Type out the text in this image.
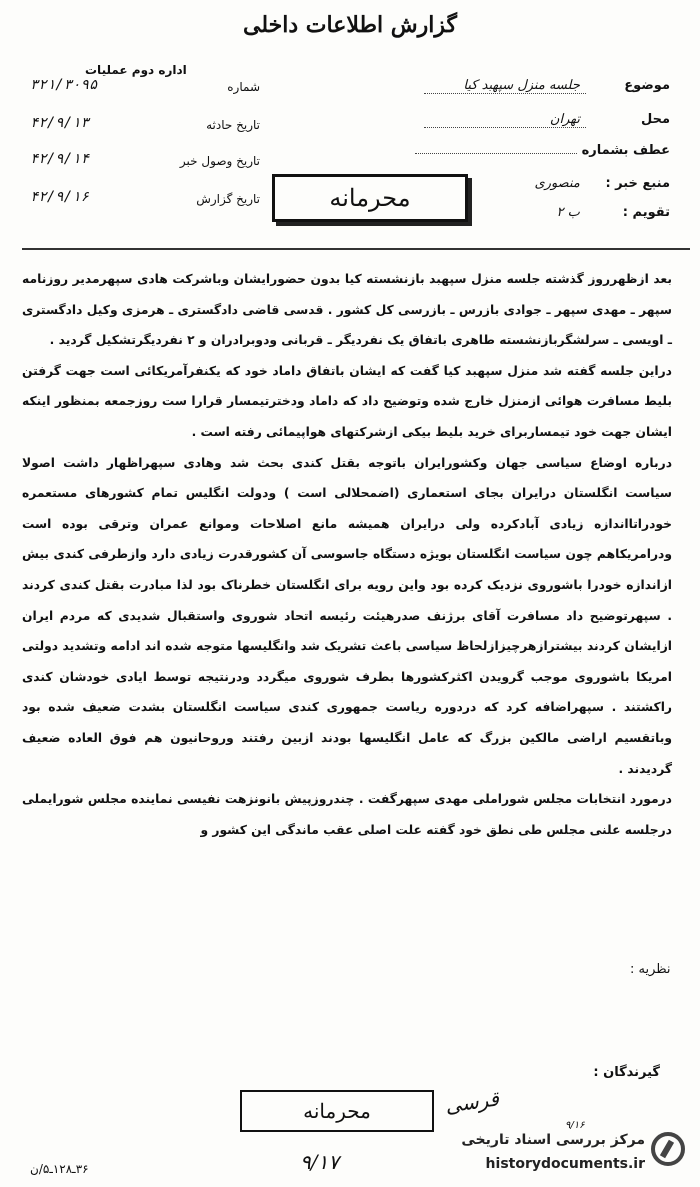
گزارش اطلاعات داخلی
اداره دوم عملیات
موضوع جلسه منزل سپهبد کیا
محل تهران
عطف بشماره
منبع خبر : منصوری
تقویم : ب ۲
شماره
۳۲۱/۳۰۹۵
تاریخ حادثه
۴۲/۹/۱۳
تاریخ وصول خبر
۴۲/۹/۱۴
تاریخ گزارش
۴۲/۹/۱۶	محرمانه

بعد ازظهرروز گذشته جلسه منزل سپهبد بازنشسته کیا بدون حضورایشان وباشرکت هادی سپهرمدیر روزنامه سپهر ـ مهدی سپهر ـ جوادی بازرس ـ بازرسی کل کشور . قدسی قاضی دادگستری ـ هرمزی وکیل دادگستری ـ اویسی ـ سرلشگربازنشسته طاهری باتفاق یک نفردیگر ـ قربانی ودوبرادران و ۲ نفردیگرتشکیل گردید .

دراین جلسه گفته شد منزل سپهبد کیا گفت که ایشان باتفاق داماد خود که یکنفرآمریکائی است جهت گرفتن بلیط مسافرت هوائی ازمنزل خارج شده وتوضیح داد که داماد ودخترتیمسار قرارا ست روزجمعه بمنظور اینکه ایشان جهت خود تیمساربرای خرید بلیط بیکی ازشرکتهای هواپیمائی رفته است .

درباره اوضاع سیاسی جهان وکشورایران باتوجه بقتل کندی بحث شد وهادی سپهراظهار داشت اصولا سیاست انگلستان درایران بجای استعماری (اضمحلالی است ) ودولت انگلیس تمام کشورهای مستعمره خودراتااندازه زیادی آبادکرده ولی درایران همیشه مانع اصلاحات وموانع عمران وترقی بوده است ودرامریکاهم چون سیاست انگلستان بویژه دستگاه جاسوسی آن کشورقدرت زیادی دارد وازطرفی کندی بیش ازاندازه خودرا باشوروی نزدیک کرده بود واین رویه برای انگلستان خطرناک بود لذا مبادرت بقتل کندی کردند . سپهرتوضیح داد مسافرت آقای برژنف صدرهیئت رئیسه اتحاد شوروی واستقبال شدیدی که مردم ایران ازایشان کردند بیشترازهرچیزازلحاظ سیاسی باعث تشریک شد وانگلیسها متوجه شده اند ادامه وتشدید دولتی امریکا باشوروی موجب گرویدن اکثرکشورها بطرف شوروی میگردد ودرنتیجه توسط ایادی خودشان کندی راکشتند . سپهراضافه کرد که دردوره ریاست جمهوری کندی سیاست انگلستان بشدت ضعیف شده بود وباتقسیم اراضی مالکین بزرگ که عامل انگلیسها بودند ازبین رفتند وروحانیون هم فوق العاده ضعیف گردیدند .

درمورد انتخابات مجلس شوراملی مهدی سپهرگفت . چندروزپیش بانونزهت نفیسی نماینده مجلس شورایملی درجلسه علنی مجلس طی نطق خود گفته علت اصلی عقب ماندگی این کشور و

نظریه :
گیرندگان :
محرمانه	قرسی
۹/۱۶
۹/۱۷
۳۶ـ۱۲۸ـ۵/ن
مرکز بررسی اسناد تاریخی
historydocuments.ir
